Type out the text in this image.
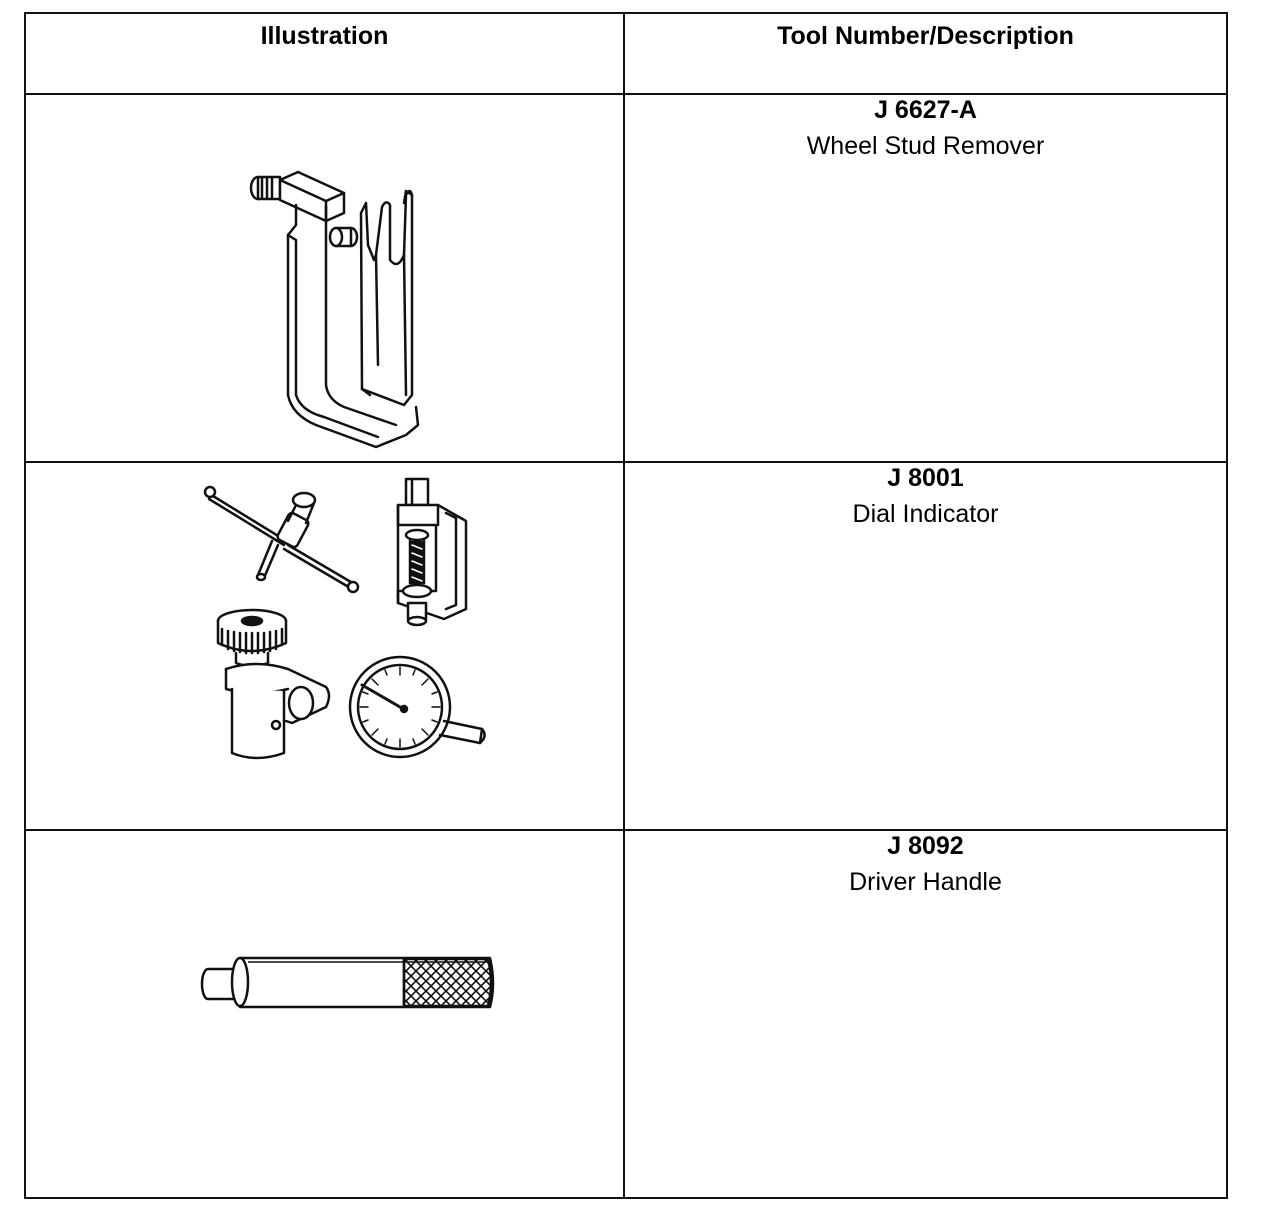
Illustration	Tool Number/Description

J 6627-A
Wheel Stud Remover

J 8001
Dial Indicator

J 8092
Driver Handle
